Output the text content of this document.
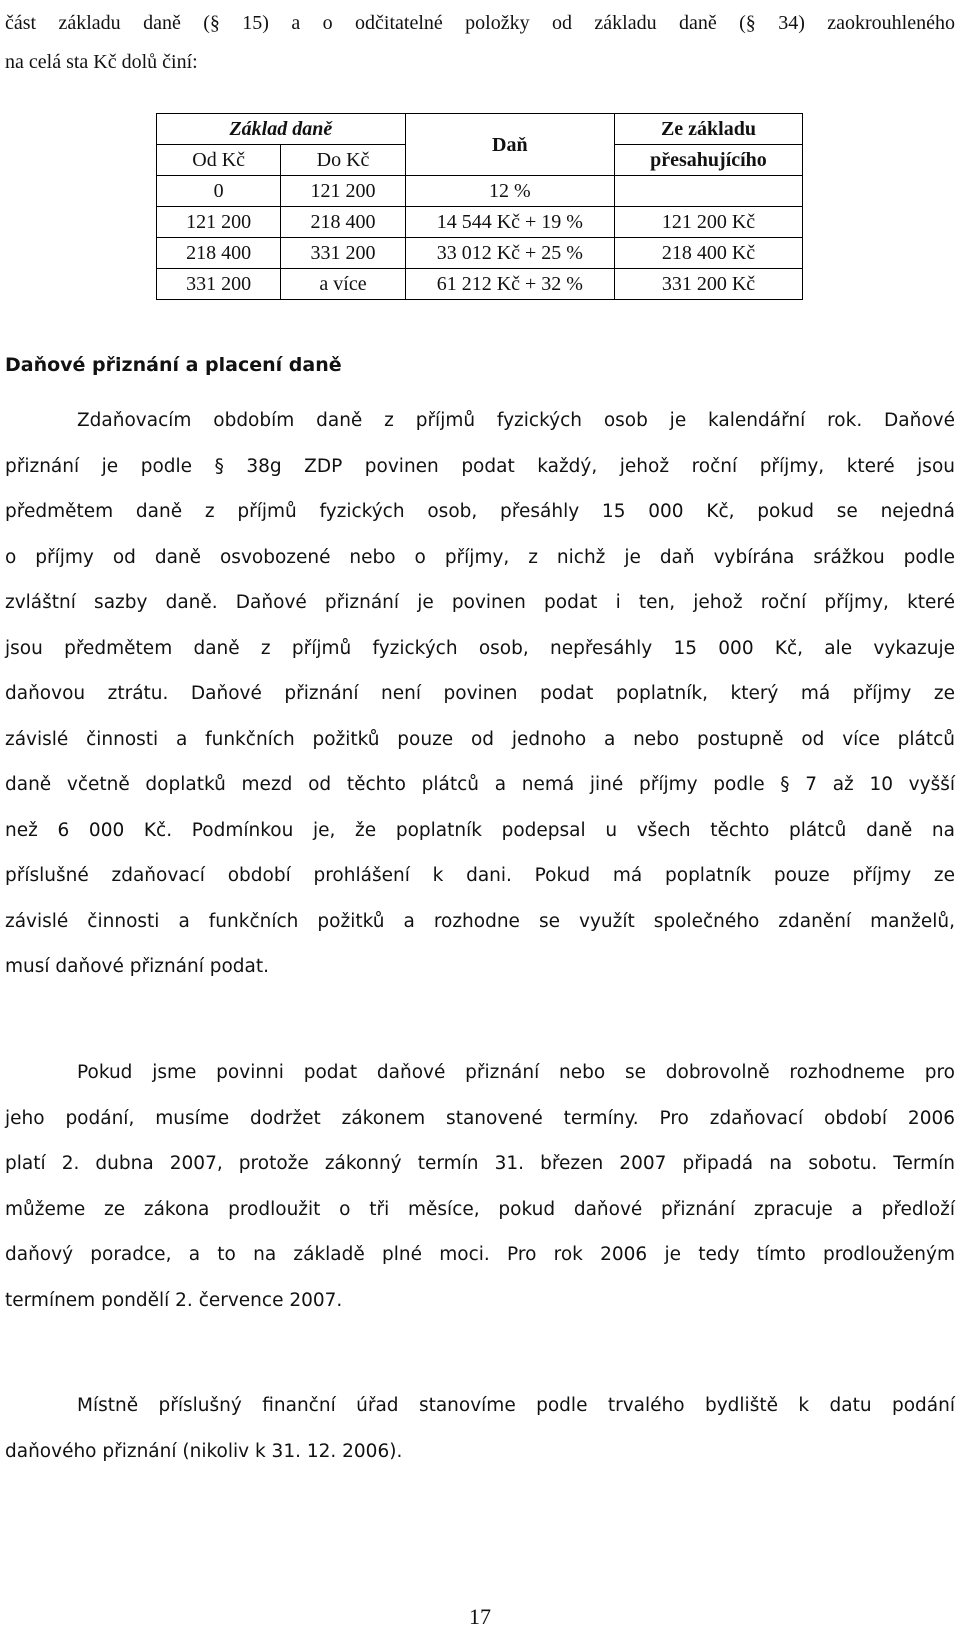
část základu daně (§ 15) a o odčitatelné položky od základu daně (§ 34) zaokrouhleného
na celá sta Kč dolů činí:

Základ daně		Daň	Ze základu
Od Kč	Do Kč		přesahujícího
0	121 200	12 %	
121 200	218 400	14 544 Kč + 19 %	121 200 Kč
218 400	331 200	33 012 Kč + 25 %	218 400 Kč
331 200	a více	61 212 Kč + 32 %	331 200 Kč
Daňové přiznání a placení daně

Zdaňovacím obdobím daně z příjmů fyzických osob je kalendářní rok. Daňové
přiznání je podle § 38g ZDP povinen podat každý, jehož roční příjmy, které jsou
předmětem daně z příjmů fyzických osob, přesáhly 15 000 Kč, pokud se nejedná
o příjmy od daně osvobozené nebo o příjmy, z nichž je daň vybírána srážkou podle
zvláštní sazby daně. Daňové přiznání je povinen podat i ten, jehož roční příjmy, které
jsou předmětem daně z příjmů fyzických osob, nepřesáhly 15 000 Kč, ale vykazuje
daňovou ztrátu. Daňové přiznání není povinen podat poplatník, který má příjmy ze
závislé činnosti a funkčních požitků pouze od jednoho a nebo postupně od více plátců
daně včetně doplatků mezd od těchto plátců a nemá jiné příjmy podle § 7 až 10 vyšší
než 6 000 Kč. Podmínkou je, že poplatník podepsal u všech těchto plátců daně na
příslušné zdaňovací období prohlášení k dani. Pokud má poplatník pouze příjmy ze
závislé činnosti a funkčních požitků a rozhodne se využít společného zdanění manželů,
musí daňové přiznání podat.

Pokud jsme povinni podat daňové přiznání nebo se dobrovolně rozhodneme pro
jeho podání, musíme dodržet zákonem stanovené termíny. Pro zdaňovací období 2006
platí 2. dubna 2007, protože zákonný termín 31. březen 2007 připadá na sobotu. Termín
můžeme ze zákona prodloužit o tři měsíce, pokud daňové přiznání zpracuje a předloží
daňový poradce, a to na základě plné moci. Pro rok 2006 je tedy tímto prodlouženým
termínem pondělí 2. července 2007.

Místně příslušný finanční úřad stanovíme podle trvalého bydliště k datu podání
daňového přiznání (nikoliv k 31. 12. 2006).

17
